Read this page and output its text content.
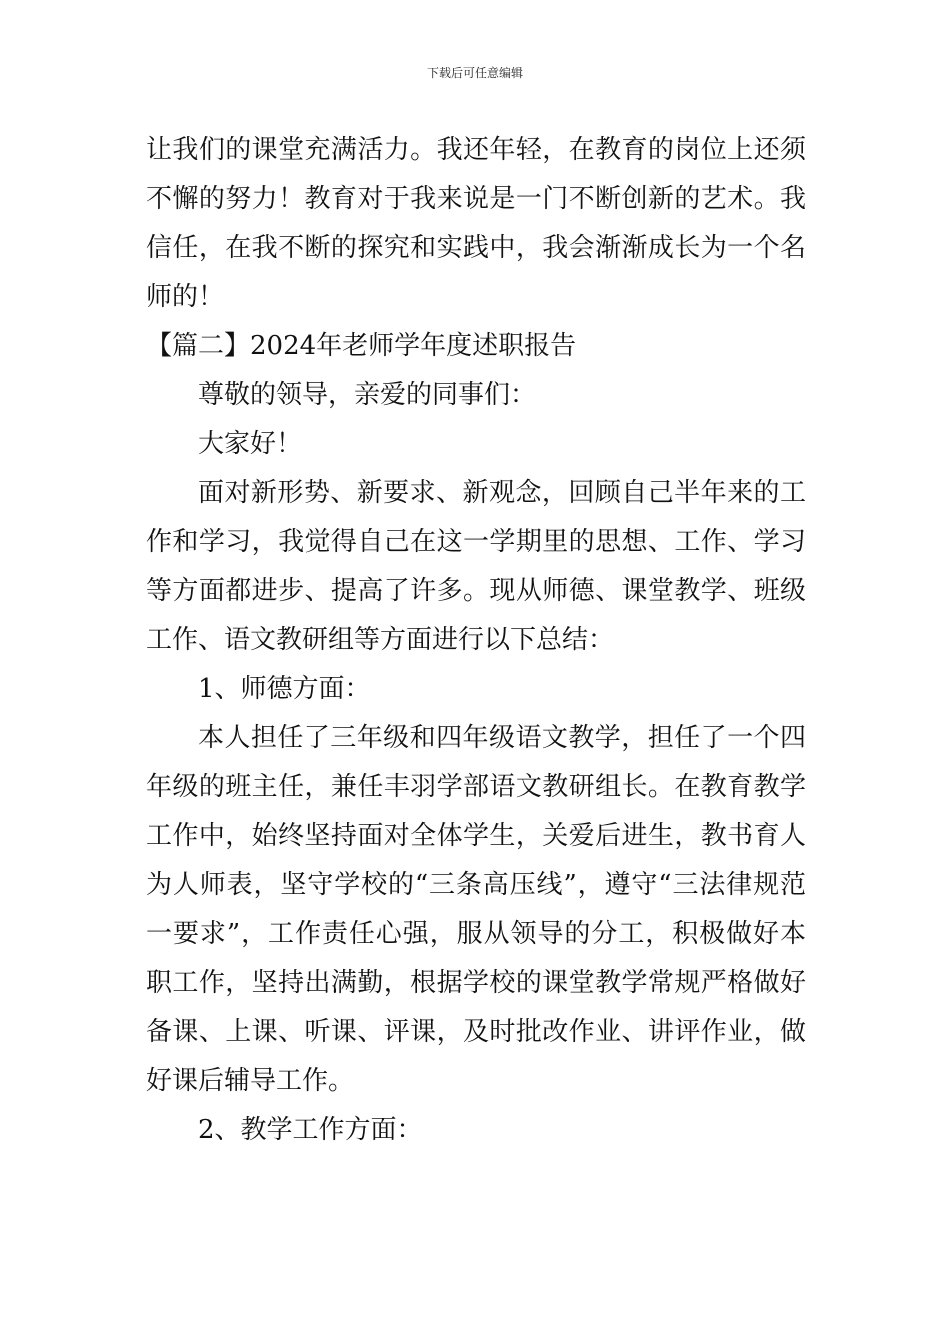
下载后可任意编辑

让我们的课堂充满活力。我还年轻，在教育的岗位上还须不懈的努力！教育对于我来说是一门不断创新的艺术。我信任，在我不断的探究和实践中，我会渐渐成长为一个名师的！

【篇二】2024年老师学年度述职报告

尊敬的领导，亲爱的同事们：

大家好！

面对新形势、新要求、新观念，回顾自己半年来的工作和学习，我觉得自己在这一学期里的思想、工作、学习等方面都进步、提高了许多。现从师德、课堂教学、班级工作、语文教研组等方面进行以下总结：

1、师德方面：

本人担任了三年级和四年级语文教学，担任了一个四年级的班主任，兼任丰羽学部语文教研组长。在教育教学工作中，始终坚持面对全体学生，关爱后进生，教书育人为人师表，坚守学校的“三条高压线”，遵守“三法律规范一要求”，工作责任心强，服从领导的分工，积极做好本职工作，坚持出满勤，根据学校的课堂教学常规严格做好备课、上课、听课、评课，及时批改作业、讲评作业，做好课后辅导工作。

2、教学工作方面：
